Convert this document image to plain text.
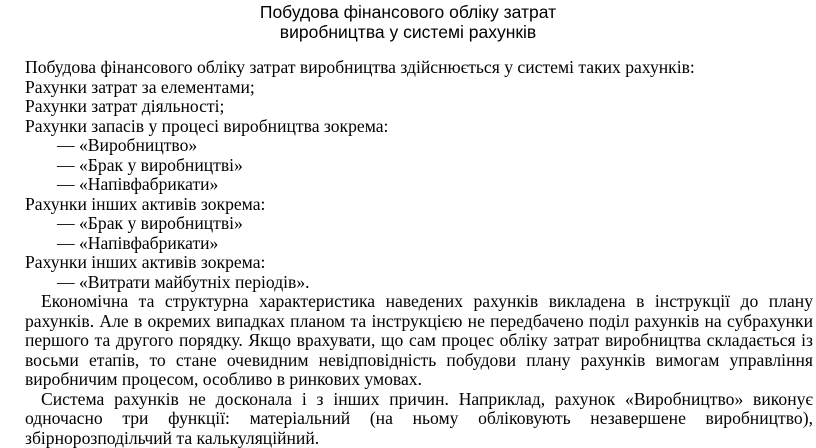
Побудова фінансового обліку затрат
виробництва у системі рахунків
Побудова фінансового обліку затрат виробництва здійснюється у системі таких рахунків:
Рахунки затрат за елементами;
Рахунки затрат діяльності;
Рахунки запасів у процесі виробництва зокрема:
— «Виробництво»
— «Брак у виробництві»
— «Напівфабрикати»
Рахунки інших активів зокрема:
— «Брак у виробництві»
— «Напівфабрикати»
Рахунки інших активів зокрема:
— «Витрати майбутніх періодів».
Економічна та структурна характеристика наведених рахунків викладена в інструкції до плану рахунків. Але в окремих випадках планом та інструкцією не передбачено поділ рахунків на субрахунки першого та другого порядку. Якщо врахувати, що сам процес обліку затрат виробництва складається із восьми етапів, то стане очевидним невідповідність побудови плану рахунків вимогам управління виробничим процесом, особливо в ринкових умовах.
Система рахунків не досконала і з інших причин. Наприклад, рахунок «Виробництво» виконує одночасно три функції: матеріальний (на ньому обліковують незавершене виробництво), збірнорозподільчий та калькуляційний.
